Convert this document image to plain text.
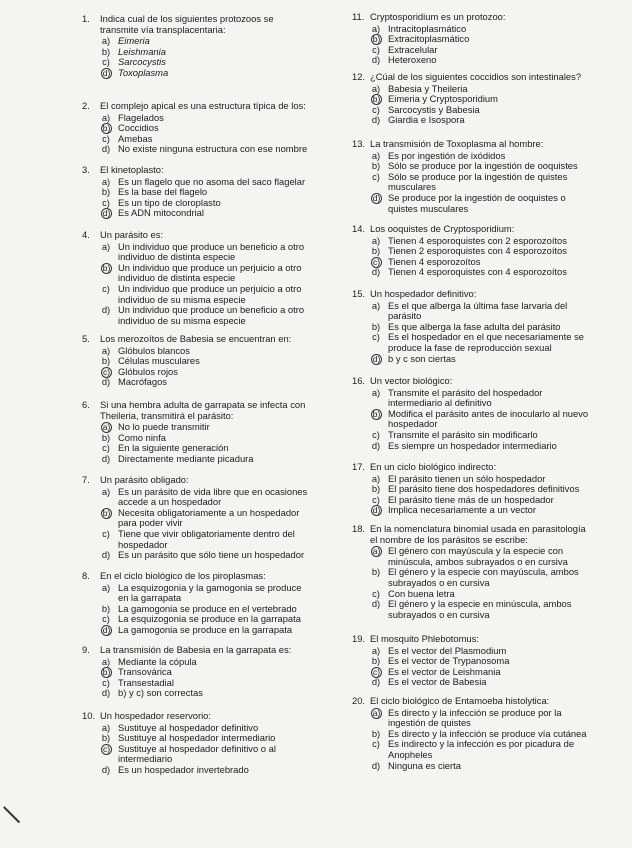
1. Indica cual de los siguientes protozoos se transmite vía transplacentaria:
a) Eimeria
b) Leishmania
c) Sarcocystis
d) Toxoplasma
2. El complejo apical es una estructura típica de los:
a) Flagelados
b) Coccidios
c) Amebas
d) No existe ninguna estructura con ese nombre
3. El kinetoplasto:
a) Es un flagelo que no asoma del saco flagelar
b) Es la base del flagelo
c) Es un tipo de cloroplasto
d) Es ADN mitocondrial
4. Un parásito es:
a) Un individuo que produce un beneficio a otro individuo de distinta especie
b) Un individuo que produce un perjuicio a otro individuo de distinta especie
c) Un individuo que produce un perjuicio a otro individuo de su misma especie
d) Un individuo que produce un beneficio a otro individuo de su misma especie
5. Los merozoítos de Babesia se encuentran en:
a) Glóbulos blancos
b) Células musculares
c) Glóbulos rojos
d) Macrófagos
6. Si una hembra adulta de garrapata se infecta con Theileria, transmitirá el parásito:
a) No lo puede transmitir
b) Como ninfa
c) En la siguiente generación
d) Directamente mediante picadura
7. Un parásito obligado:
a) Es un parásito de vida libre que en ocasiones accede a un hospedador
b) Necesita obligatoriamente a un hospedador para poder vivir
c) Tiene que vivir obligatoriamente dentro del hospedador
d) Es un parásito que sólo tiene un hospedador
8. En el ciclo biológico de los piroplasmas:
a) La esquizogonia y la gamogonia se produce en la garrapata
b) La gamogonia se produce en el vertebrado
c) La esquizogonia se produce en la garrapata
d) La gamogonia se produce en la garrapata
9. La transmisión de Babesia en la garrapata es:
a) Mediante la cópula
b) Transovárica
c) Transestadial
d) b) y c) son correctas
10. Un hospedador reservorio:
a) Sustituye al hospedador definitivo
b) Sustituye al hospedador intermediario
c) Sustituye al hospedador definitivo o al intermediario
d) Es un hospedador invertebrado
11. Cryptosporidium es un protozoo:
a) Intracitoplasmático
b) Extracitoplasmático
c) Extracelular
d) Heteroxeno
12. ¿Cúal de los siguientes coccidios son intestinales?
a) Babesia y Theileria
b) Eimeria y Cryptosporidium
c) Sarcocystis y Babesia
d) Giardia e Isospora
13. La transmisión de Toxoplasma al hombre:
a) Es por ingestión de ixódidos
b) Sólo se produce por la ingestión de ooquistes
c) Sólo se produce por la ingestión de quistes musculares
d) Se produce por la ingestión de ooquistes o quistes musculares
14. Los ooquistes de Cryptosporidium:
a) Tienen 4 esporoquistes con 2 esporozoítos
b) Tienen 2 esporoquistes con 4 esporozoítos
c) Tienen 4 esporozoítos
d) Tienen 4 esporoquistes con 4 esporozoítos
15. Un hospedador definitivo:
a) Es el que alberga la última fase larvaria del parásito
b) Es que alberga la fase adulta del parásito
c) Es el hospedador en el que necesariamente se produce la fase de reproducción sexual
d) b y c son ciertas
16. Un vector biológico:
a) Transmite el parásito del hospedador intermediario al definitivo
b) Modifica el parásito antes de inocularlo al nuevo hospedador
c) Transmite el parásito sin modificarlo
d) Es siempre un hospedador intermediario
17. En un ciclo biológico indirecto:
a) El parásito tienen un sólo hospedador
b) El parásito tiene dos hospedadores definitivos
c) El parásito tiene más de un hospedador
d) Implica necesariamente a un vector
18. En la nomenclatura binomial usada en parasitología el nombre de los parásitos se escribe:
a) El género con mayúscula y la especie con minúscula, ambos subrayados o en cursiva
b) El género y la especie con mayúscula, ambos subrayados o en cursiva
c) Con buena letra
d) El género y la especie en minúscula, ambos subrayados o en cursiva
19. El mosquito Phlebotomus:
a) Es el vector del Plasmodium
b) Es el vector de Trypanosoma
c) Es el vector de Leishmania
d) Es el vector de Babesia
20. El ciclo biológico de Entamoeba histolytica:
a) Es directo y la infección se produce por la ingestión de quistes
b) Es directo y la infección se produce vía cutánea
c) Es indirecto y la infección es por picadura de Anopheles
d) Ninguna es cierta
